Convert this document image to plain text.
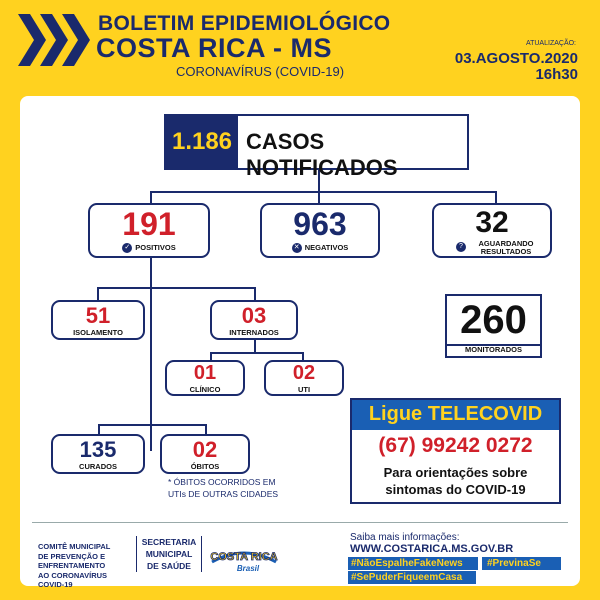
BOLETIM EPIDEMIOLÓGICO
COSTA RICA - MS
CORONAVÍRUS (COVID-19)
ATUALIZAÇÃO:
03.AGOSTO.2020
16h30
1.186 CASOS NOTIFICADOS
191
✓ POSITIVOS
963
✕ NEGATIVOS
32
?	AGUARDANDO
RESULTADOS
51
ISOLAMENTO
03
INTERNADOS
01
CLÍNICO
02
UTI
135
CURADOS
02
ÓBITOS
* ÓBITOS OCORRIDOS EM
UTIs DE OUTRAS CIDADES
260
MONITORADOS
Ligue TELECOVID
(67) 99242 0272
Para orientações sobre
sintomas do COVID-19
COMITÊ MUNICIPAL
DE PREVENÇÃO E
ENFRENTAMENTO
AO CORONAVÍRUS
COVID-19
SECRETARIA
MUNICIPAL
DE SAÚDE
COSTA RICA
Brasil
Saiba mais informações:
WWW.COSTARICA.MS.GOV.BR
#NãoEspalheFakeNews	#PrevinaSe
#SePuderFiqueemCasa
